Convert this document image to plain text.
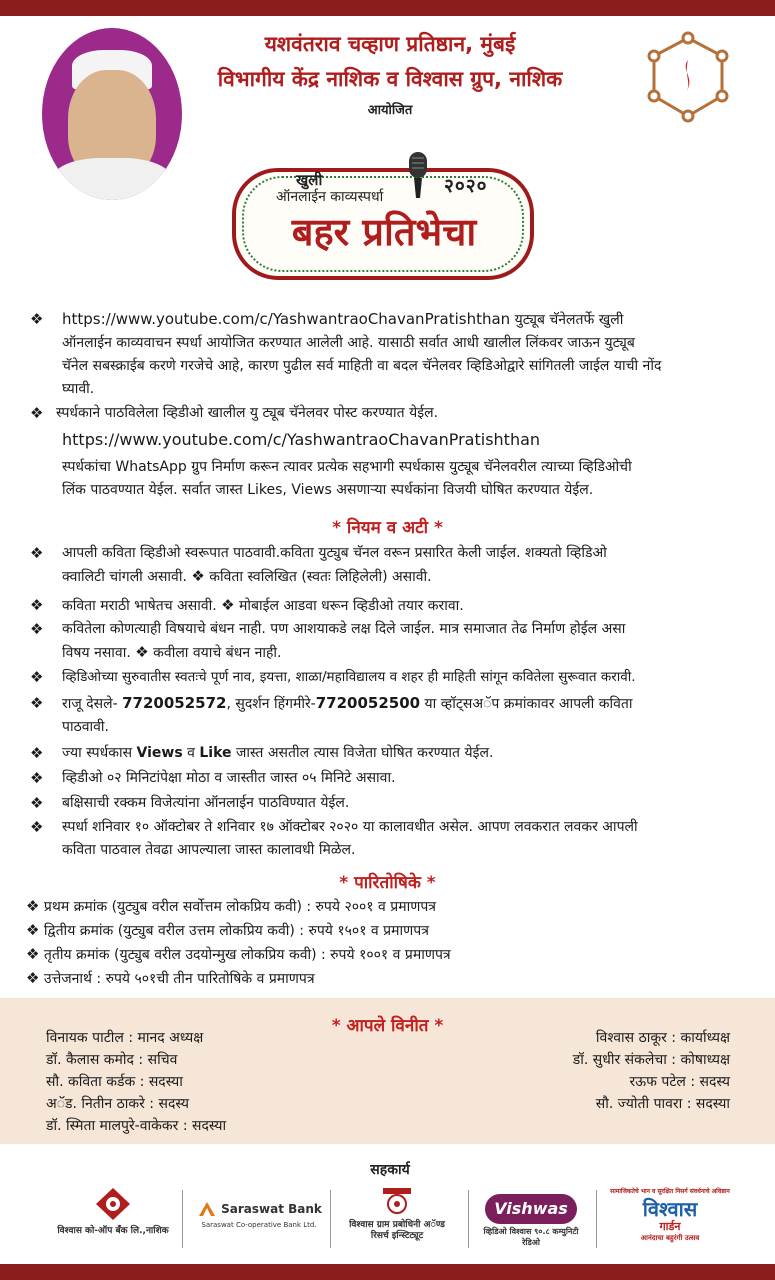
यशवंतराव चव्हाण प्रतिष्ठान, मुंबई
विभागीय केंद्र नाशिक व विश्वास ग्रुप, नाशिक
आयोजित
खुली	२०२०
ऑनलाईन काव्यस्पर्धा
बहर प्रतिभेचा
❖ https://www.youtube.com/c/YashwantraoChavanPratishthan युट्यूब चॅनेलतर्फे खुली
ऑनलाईन काव्यवाचन स्पर्धा आयोजित करण्यात आलेली आहे. यासाठी सर्वात आधी खालील लिंकवर जाऊन युट्यूब
चॅनेल सबस्क्राईब करणे गरजेचे आहे, कारण पुढील सर्व माहिती वा बदल चॅनेलवर व्हिडिओद्वारे सांगितली जाईल याची नोंद
घ्यावी.
❖ स्पर्धकाने पाठविलेला व्हिडीओ खालील यु ट्यूब चॅनेलवर पोस्ट करण्यात येईल.
https://www.youtube.com/c/YashwantraoChavanPratishthan
स्पर्धकांचा WhatsApp ग्रुप निर्माण करून त्यावर प्रत्येक सहभागी स्पर्धकास युट्यूब चॅनेलवरील त्याच्या व्हिडिओची
लिंक पाठवण्यात येईल. सर्वात जास्त Likes, Views असणाऱ्या स्पर्धकांना विजयी घोषित करण्यात येईल.
* नियम व अटी *
❖ आपली कविता व्हिडीओ स्वरूपात पाठवावी.कविता युट्युब चॅनल वरून प्रसारित केली जाईल. शक्यतो व्हिडिओ
क्वालिटी चांगली असावी. ❖ कविता स्वलिखित (स्वतः लिहिलेली) असावी.
❖ कविता मराठी भाषेतच असावी. ❖ मोबाईल आडवा धरून व्हिडीओ तयार करावा.
❖ कवितेला कोणत्याही विषयाचे बंधन नाही. पण आशयाकडे लक्ष दिले जाईल. मात्र समाजात तेढ निर्माण होईल असा
विषय नसावा. ❖ कवीला वयाचे बंधन नाही.
❖ व्हिडिओच्या सुरुवातीस स्वतःचे पूर्ण नाव, इयत्ता, शाळा/महाविद्यालय व शहर ही माहिती सांगून कवितेला सुरूवात करावी.
❖ राजू देसले- 7720052572, सुदर्शन हिंगमीरे-7720052500 या व्हॉट्सअॅप क्रमांकावर आपली कविता
पाठवावी.
❖ ज्या स्पर्धकास Views व Like जास्त असतील त्यास विजेता घोषित करण्यात येईल.
❖ व्हिडीओ ०२ मिनिटांपेक्षा मोठा व जास्तीत जास्त ०५ मिनिटे असावा.
❖ बक्षिसाची रक्कम विजेत्यांना ऑनलाईन पाठविण्यात येईल.
❖ स्पर्धा शनिवार १० ऑक्टोबर ते शनिवार १७ ऑक्टोबर २०२० या कालावधीत असेल. आपण लवकरात लवकर आपली
कविता पाठवाल तेवढा आपल्याला जास्त कालावधी मिळेल.
* पारितोषिके *
❖ प्रथम क्रमांक (युट्युब वरील सर्वोत्तम लोकप्रिय कवी) : रुपये २००१ व प्रमाणपत्र
❖ द्वितीय क्रमांक (युट्युब वरील उत्तम लोकप्रिय कवी) : रुपये १५०१ व प्रमाणपत्र
❖ तृतीय क्रमांक (युट्युब वरील उदयोन्मुख लोकप्रिय कवी) : रुपये १००१ व प्रमाणपत्र
❖ उत्तेजनार्थ : रुपये ५०१ची तीन पारितोषिके व प्रमाणपत्र
* आपले विनीत *
विनायक पाटील : मानद अध्यक्ष
डॉ. कैलास कमोद : सचिव
सौ. कविता कर्डक : सदस्या
अॅड. नितीन ठाकरे : सदस्य
डॉ. स्मिता मालपुरे-वाकेकर : सदस्या
विश्वास ठाकूर : कार्याध्यक्ष
डॉ. सुधीर संकलेचा : कोषाध्यक्ष
रऊफ पटेल : सदस्य
सौ. ज्योती पावरा : सदस्या
सहकार्य
विश्वास को-ऑप बँक लि.,नाशिक
Saraswat Bank
Saraswat Co-operative Bank Ltd.	विश्वास ग्राम प्रबोधिनी अॅण्ड रिसर्च इन्स्टिट्यूट
Vishwas
व्हिडिओ विश्वास ९०.८ कम्युनिटी रेडिओ
सामाजिकतेचे भान व सुरक्षित निसर्ग संवर्धनाचे अधिष्ठान
विश्वास
गार्डन
आनंदाचा बहुरंगी उत्सव
